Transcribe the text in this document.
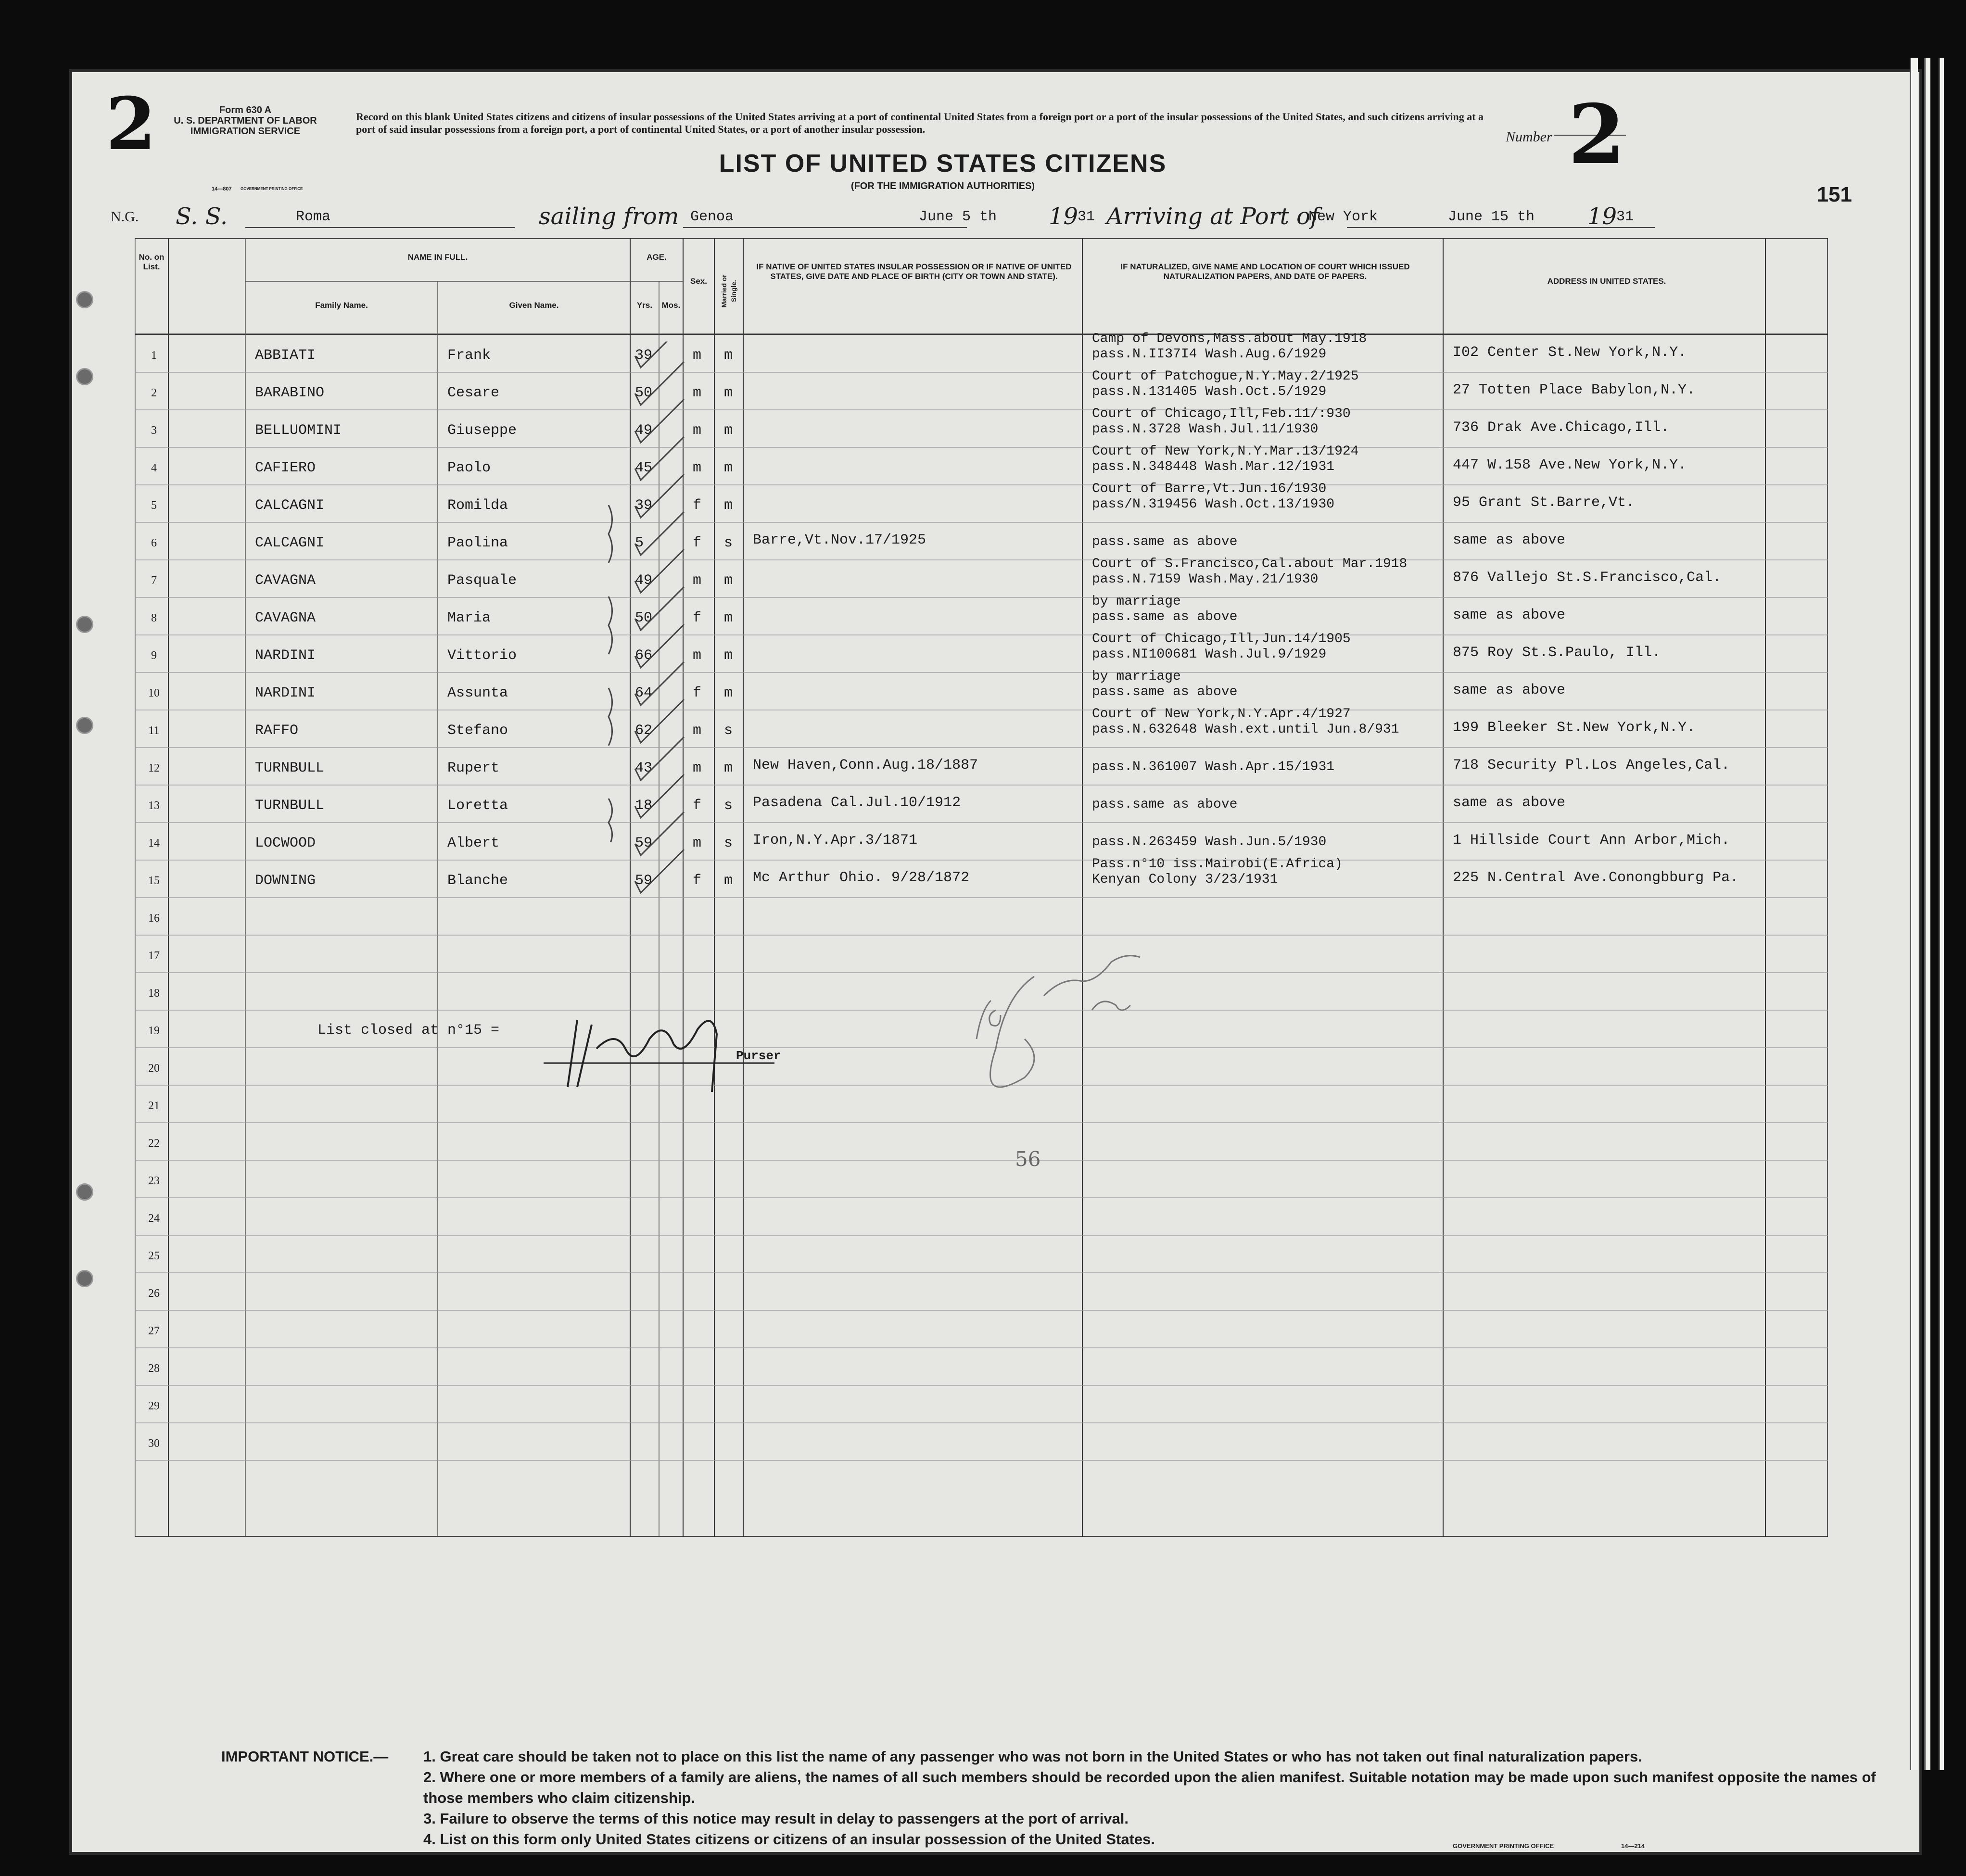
2	Form 630 A
U. S. DEPARTMENT OF LABOR
IMMIGRATION SERVICE
14—807 GOVERNMENT PRINTING OFFICE
Record on this blank United States citizens and citizens of insular possessions of the United States arriving at a port of continental United States from a foreign port or a port of the insular possessions of the United States, and such citizens arriving at a port of said insular possessions from a foreign port, a port of continental United States, or a port of another insular possession.	Number 2
LIST OF UNITED STATES CITIZENS
(FOR THE IMMIGRATION AUTHORITIES)	151
N.G. S. S.	Roma	sailing from Genoa	June 5 th 19
31 Arriving at Port of
New York	June 15 th 19
31
No. on List.
NAME IN FULL.
Family Name.	Given Name.
AGE.
Yrs.	Mos.
Sex.	Married or Single.
IF NATIVE OF UNITED STATES INSULAR POSSESSION OR IF NATIVE OF UNITED STATES, GIVE DATE AND PLACE OF BIRTH (CITY OR TOWN AND STATE).
IF NATURALIZED, GIVE NAME AND LOCATION OF COURT WHICH ISSUED NATURALIZATION PAPERS, AND DATE OF PAPERS.
ADDRESS IN UNITED STATES.
1	ABBIATI	Frank	39	m m
Camp of Devons,Mass.about May.1918
pass.N.II37I4 Wash.Aug.6/1929	I02 Center St.New York,N.Y.
2	BARABINO	Cesare	50	m m
Court of Patchogue,N.Y.May.2/1925
pass.N.131405 Wash.Oct.5/1929	27 Totten Place Babylon,N.Y.
3	BELLUOMINI	Giuseppe	49	m m
Court of Chicago,Ill,Feb.11/:930
pass.N.3728 Wash.Jul.11/1930	736 Drak Ave.Chicago,Ill.
4	CAFIERO	Paolo	45	m m
Court of New York,N.Y.Mar.13/1924
pass.N.348448 Wash.Mar.12/1931	447 W.158 Ave.New York,N.Y.
5	CALCAGNI	Romilda	39	f m
Court of Barre,Vt.Jun.16/1930
pass/N.319456 Wash.Oct.13/1930	95 Grant St.Barre,Vt.
6	CALCAGNI	Paolina	5	f s Barre,Vt.Nov.17/1925	pass.same as above	same as above
7	CAVAGNA	Pasquale	49	m m
Court of S.Francisco,Cal.about Mar.1918
pass.N.7159 Wash.May.21/1930	876 Vallejo St.S.Francisco,Cal.
8	CAVAGNA	Maria	50	f m
by marriage
pass.same as above	same as above
9	NARDINI	Vittorio	66	m m
Court of Chicago,Ill,Jun.14/1905
pass.NI100681 Wash.Jul.9/1929	875 Roy St.S.Paulo, Ill.
10	NARDINI	Assunta	64	f m
by marriage
pass.same as above	same as above
11	RAFFO	Stefano	62	m s
Court of New York,N.Y.Apr.4/1927
pass.N.632648 Wash.ext.until Jun.8/931	199 Bleeker St.New York,N.Y.
12	TURNBULL	Rupert	43	m m New Haven,Conn.Aug.18/1887	pass.N.361007 Wash.Apr.15/1931	718 Security Pl.Los Angeles,Cal.
13	TURNBULL	Loretta	18	f s Pasadena Cal.Jul.10/1912	pass.same as above	same as above
14	LOCWOOD	Albert	59	m s Iron,N.Y.Apr.3/1871	pass.N.263459 Wash.Jun.5/1930	1 Hillside Court Ann Arbor,Mich.
15	DOWNING	Blanche	59	f m Mc Arthur Ohio. 9/28/1872
Pass.n°10 iss.Mairobi(E.Africa)
Kenyan Colony 3/23/1931	225 N.Central Ave.Conongbburg Pa.
16
17
18
19
20
21
22
23
24
25
26
27
28
29
30
List closed at n°15 =
Purser
56
IMPORTANT NOTICE.— 1. Great care should be taken not to place on this list the name of any passenger who was not born in the United States or who has not taken out final naturalization papers.
2. Where one or more members of a family are aliens, the names of all such members should be recorded upon the alien manifest. Suitable notation may be made upon such manifest opposite the names of those members who claim citizenship.
3. Failure to observe the terms of this notice may result in delay to passengers at the port of arrival.
4. List on this form only United States citizens or citizens of an insular possession of the United States.	GOVERNMENT PRINTING OFFICE	14—214
